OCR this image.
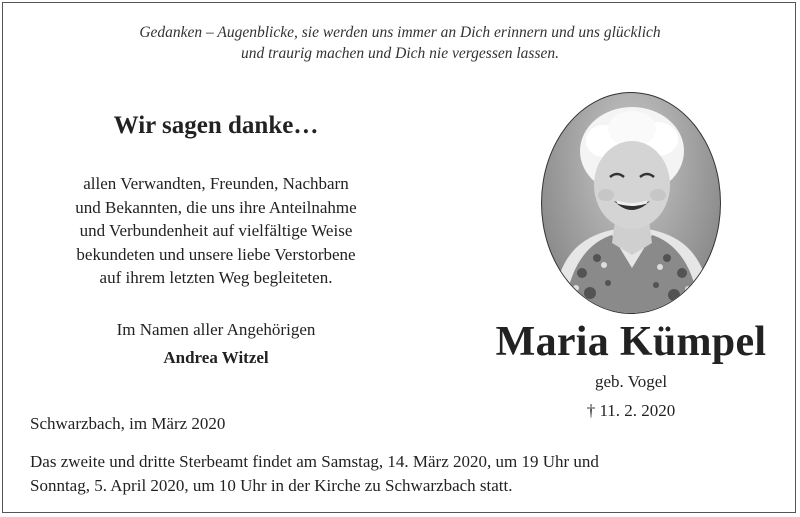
Gedanken – Augenblicke, sie werden uns immer an Dich erinnern und uns glücklich
und traurig machen und Dich nie vergessen lassen.
Wir sagen danke…
allen Verwandten, Freunden, Nachbarn
und Bekannten, die uns ihre Anteilnahme
und Verbundenheit auf vielfältige Weise
bekundeten und unsere liebe Verstorbene
auf ihrem letzten Weg begleiteten.
Im Namen aller Angehörigen
Andrea Witzel	Maria Kümpel
geb. Vogel
† 11. 2. 2020
Schwarzbach, im März 2020
Das zweite und dritte Sterbeamt findet am Samstag, 14. März 2020, um 19 Uhr und
Sonntag, 5. April 2020, um 10 Uhr in der Kirche zu Schwarzbach statt.
